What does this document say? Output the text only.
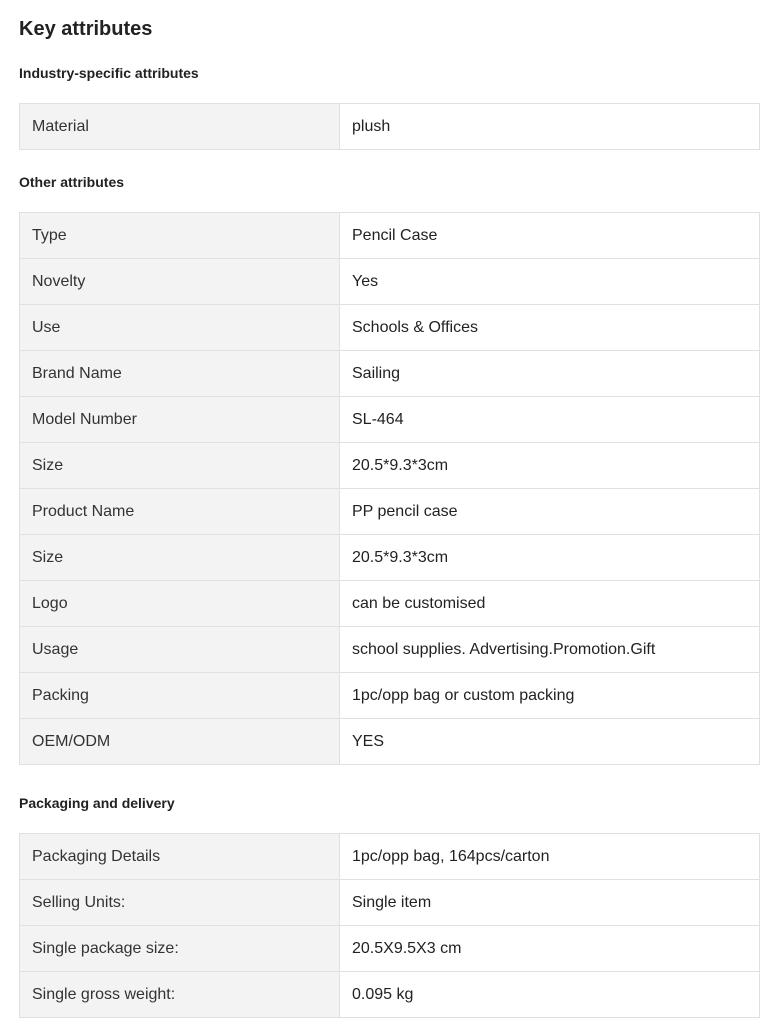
Key attributes
Industry-specific attributes
Material	plush
Other attributes
Type	Pencil Case
Novelty	Yes
Use	Schools & Offices
Brand Name	Sailing
Model Number	SL-464
Size	20.5*9.3*3cm
Product Name	PP pencil case
Size	20.5*9.3*3cm
Logo	can be customised
Usage	school supplies. Advertising.Promotion.Gift
Packing	1pc/opp bag or custom packing
OEM/ODM	YES
Packaging and delivery
Packaging Details	1pc/opp bag, 164pcs/carton
Selling Units:	Single item
Single package size:	20.5X9.5X3 cm
Single gross weight:	0.095 kg
